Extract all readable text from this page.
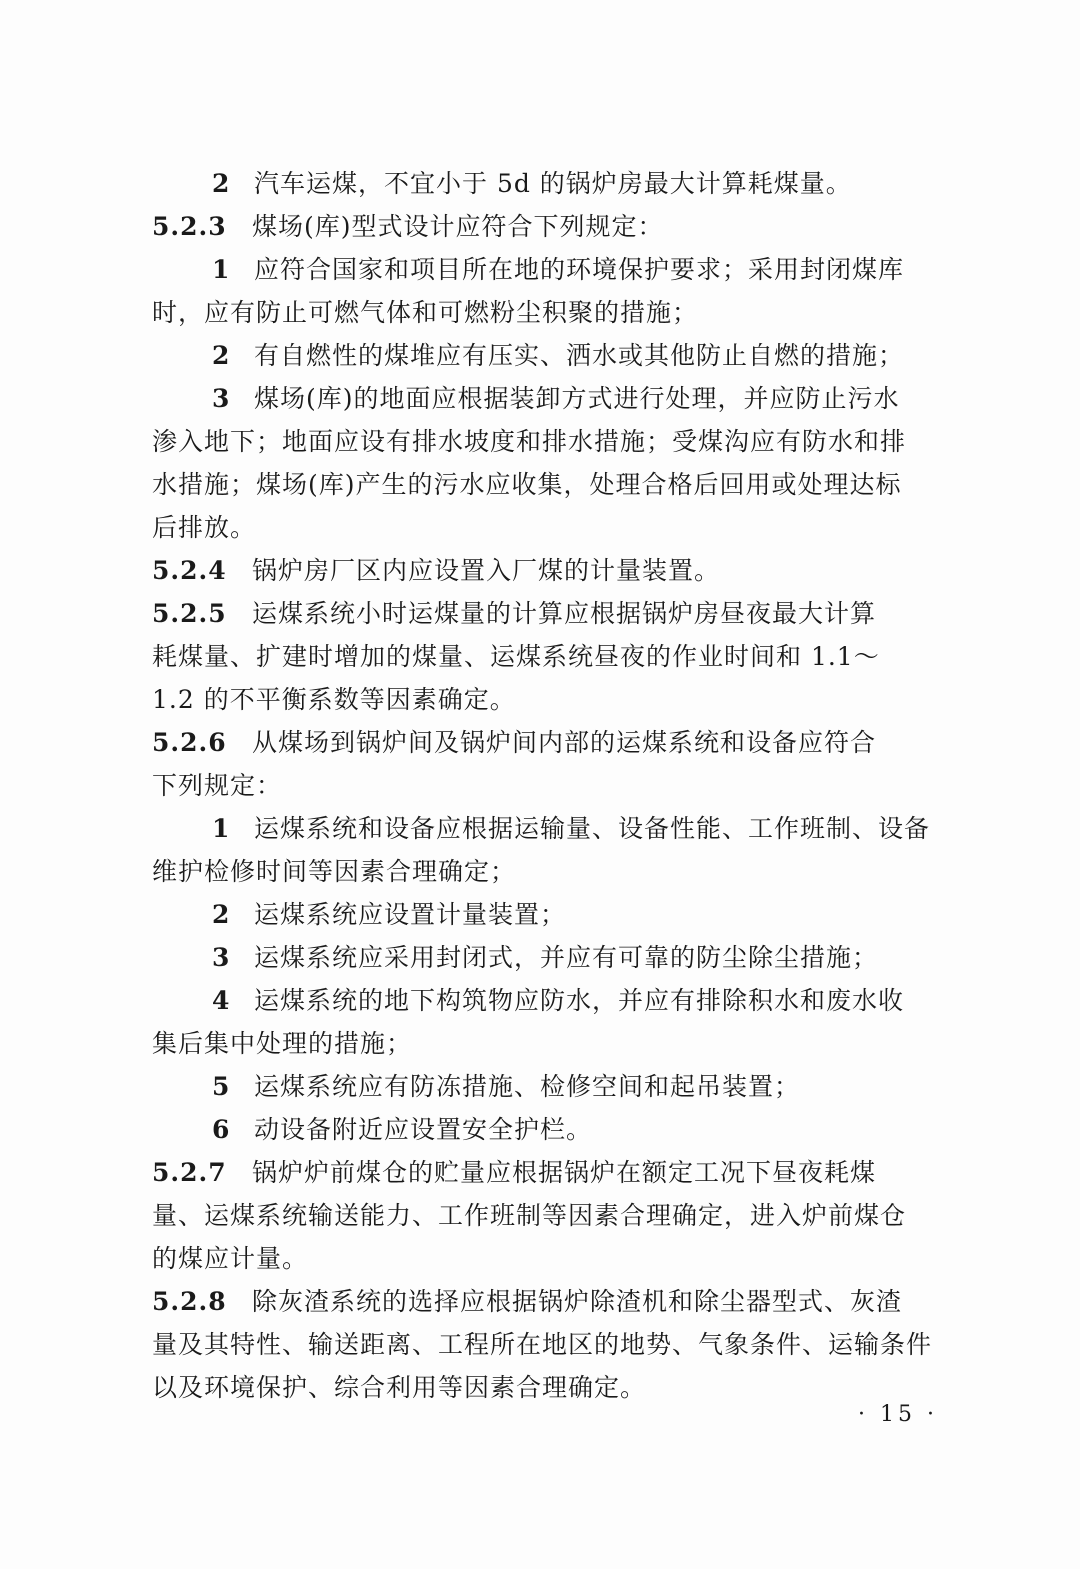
2 汽车运煤，不宜小于 5d 的锅炉房最大计算耗煤量。
5.2.3 煤场(库)型式设计应符合下列规定：
1 应符合国家和项目所在地的环境保护要求；采用封闭煤库
时，应有防止可燃气体和可燃粉尘积聚的措施；
2 有自燃性的煤堆应有压实、洒水或其他防止自燃的措施；
3 煤场(库)的地面应根据装卸方式进行处理，并应防止污水
渗入地下；地面应设有排水坡度和排水措施；受煤沟应有防水和排
水措施；煤场(库)产生的污水应收集，处理合格后回用或处理达标
后排放。
5.2.4 锅炉房厂区内应设置入厂煤的计量装置。
5.2.5 运煤系统小时运煤量的计算应根据锅炉房昼夜最大计算
耗煤量、扩建时增加的煤量、运煤系统昼夜的作业时间和 1.1～
1.2 的不平衡系数等因素确定。
5.2.6 从煤场到锅炉间及锅炉间内部的运煤系统和设备应符合
下列规定：
1 运煤系统和设备应根据运输量、设备性能、工作班制、设备
维护检修时间等因素合理确定；
2 运煤系统应设置计量装置；
3 运煤系统应采用封闭式，并应有可靠的防尘除尘措施；
4 运煤系统的地下构筑物应防水，并应有排除积水和废水收
集后集中处理的措施；
5 运煤系统应有防冻措施、检修空间和起吊装置；
6 动设备附近应设置安全护栏。
5.2.7 锅炉炉前煤仓的贮量应根据锅炉在额定工况下昼夜耗煤
量、运煤系统输送能力、工作班制等因素合理确定，进入炉前煤仓
的煤应计量。
5.2.8 除灰渣系统的选择应根据锅炉除渣机和除尘器型式、灰渣
量及其特性、输送距离、工程所在地区的地势、气象条件、运输条件
以及环境保护、综合利用等因素合理确定。
· 15 ·
